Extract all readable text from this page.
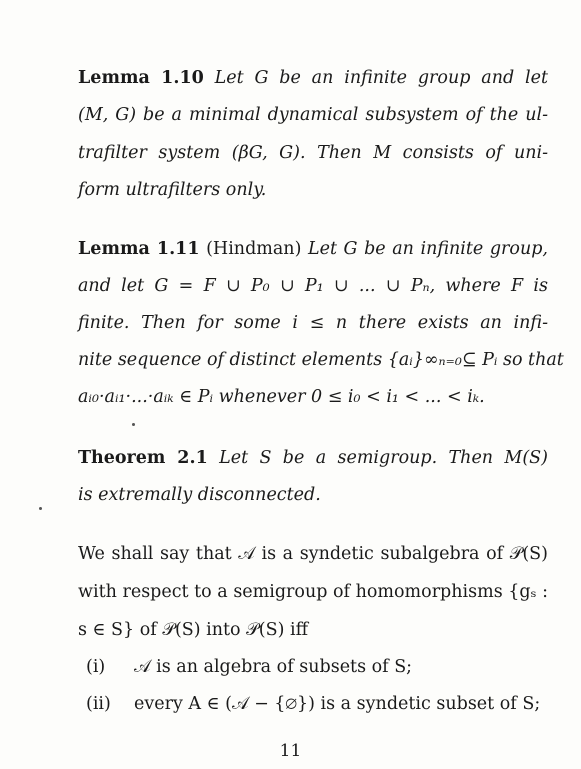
Lemma 1.10 Let G be an infinite group and let
(M, G) be a minimal dynamical subsystem of the ul-
trafilter system (βG, G). Then M consists of uni-
form ultrafilters only.
Lemma 1.11 (Hindman) Let G be an infinite group,
and let G = F ∪ P₀ ∪ P₁ ∪ ... ∪ Pₙ, where F is
finite. Then for some i ≤ n there exists an infi-
nite sequence of distinct elements {aᵢ}∞ₙ₌₀⊆ Pᵢ so that
aᵢ₀·aᵢ₁·...·aᵢₖ ∈ Pᵢ whenever 0 ≤ i₀ < i₁ < ... < iₖ.
Theorem 2.1 Let S be a semigroup. Then M(S)
is extremally disconnected.
We shall say that 𝒜 is a syndetic subalgebra of 𝒫(S)
with respect to a semigroup of homomorphisms {gₛ :
s ∈ S} of 𝒫(S) into 𝒫(S) iff
(i) 𝒜 is an algebra of subsets of S;
(ii) every A ∈ (𝒜 − {∅}) is a syndetic subset of S;
11
